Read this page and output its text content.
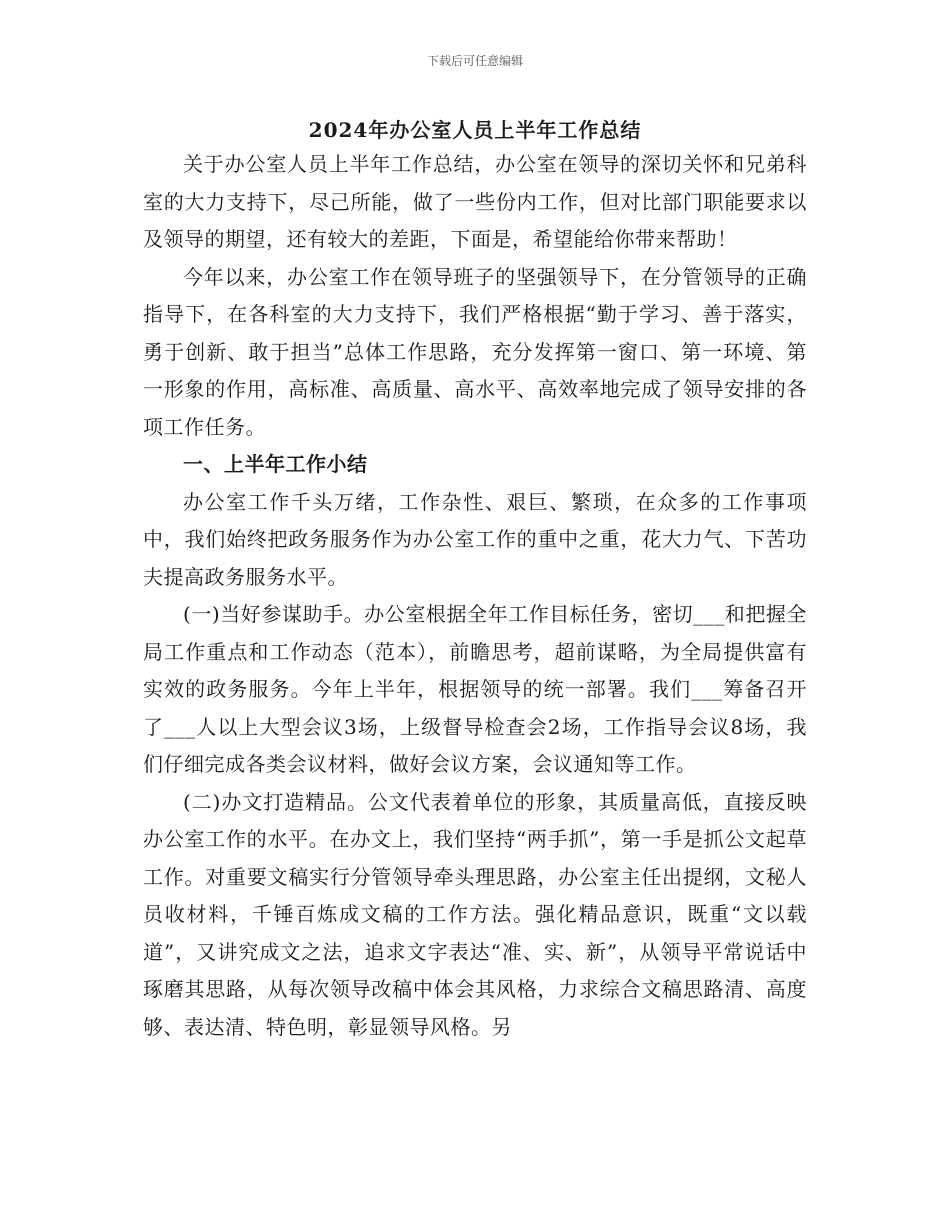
下载后可任意编辑
2024年办公室人员上半年工作总结

关于办公室人员上半年工作总结，办公室在领导的深切关怀和兄弟科室的大力支持下，尽己所能，做了一些份内工作，但对比部门职能要求以及领导的期望，还有较大的差距，下面是，希望能给你带来帮助！

今年以来，办公室工作在领导班子的坚强领导下，在分管领导的正确指导下，在各科室的大力支持下，我们严格根据“勤于学习、善于落实，勇于创新、敢于担当”总体工作思路，充分发挥第一窗口、第一环境、第一形象的作用，高标准、高质量、高水平、高效率地完成了领导安排的各项工作任务。

一、上半年工作小结

办公室工作千头万绪，工作杂性、艰巨、繁琐，在众多的工作事项中，我们始终把政务服务作为办公室工作的重中之重，花大力气、下苦功夫提高政务服务水平。

(一)当好参谋助手。办公室根据全年工作目标任务，密切___和把握全局工作重点和工作动态（范本），前瞻思考，超前谋略，为全局提供富有实效的政务服务。今年上半年，根据领导的统一部署。我们___筹备召开了___人以上大型会议3场，上级督导检查会2场，工作指导会议8场，我们仔细完成各类会议材料，做好会议方案，会议通知等工作。

(二)办文打造精品。公文代表着单位的形象，其质量高低，直接反映办公室工作的水平。在办文上，我们坚持“两手抓”，第一手是抓公文起草工作。对重要文稿实行分管领导牵头理思路，办公室主任出提纲，文秘人员收材料，千锤百炼成文稿的工作方法。强化精品意识，既重“文以载道”，又讲究成文之法，追求文字表达“准、实、新”，从领导平常说话中琢磨其思路，从每次领导改稿中体会其风格，力求综合文稿思路清、高度够、表达清、特色明，彰显领导风格。另
